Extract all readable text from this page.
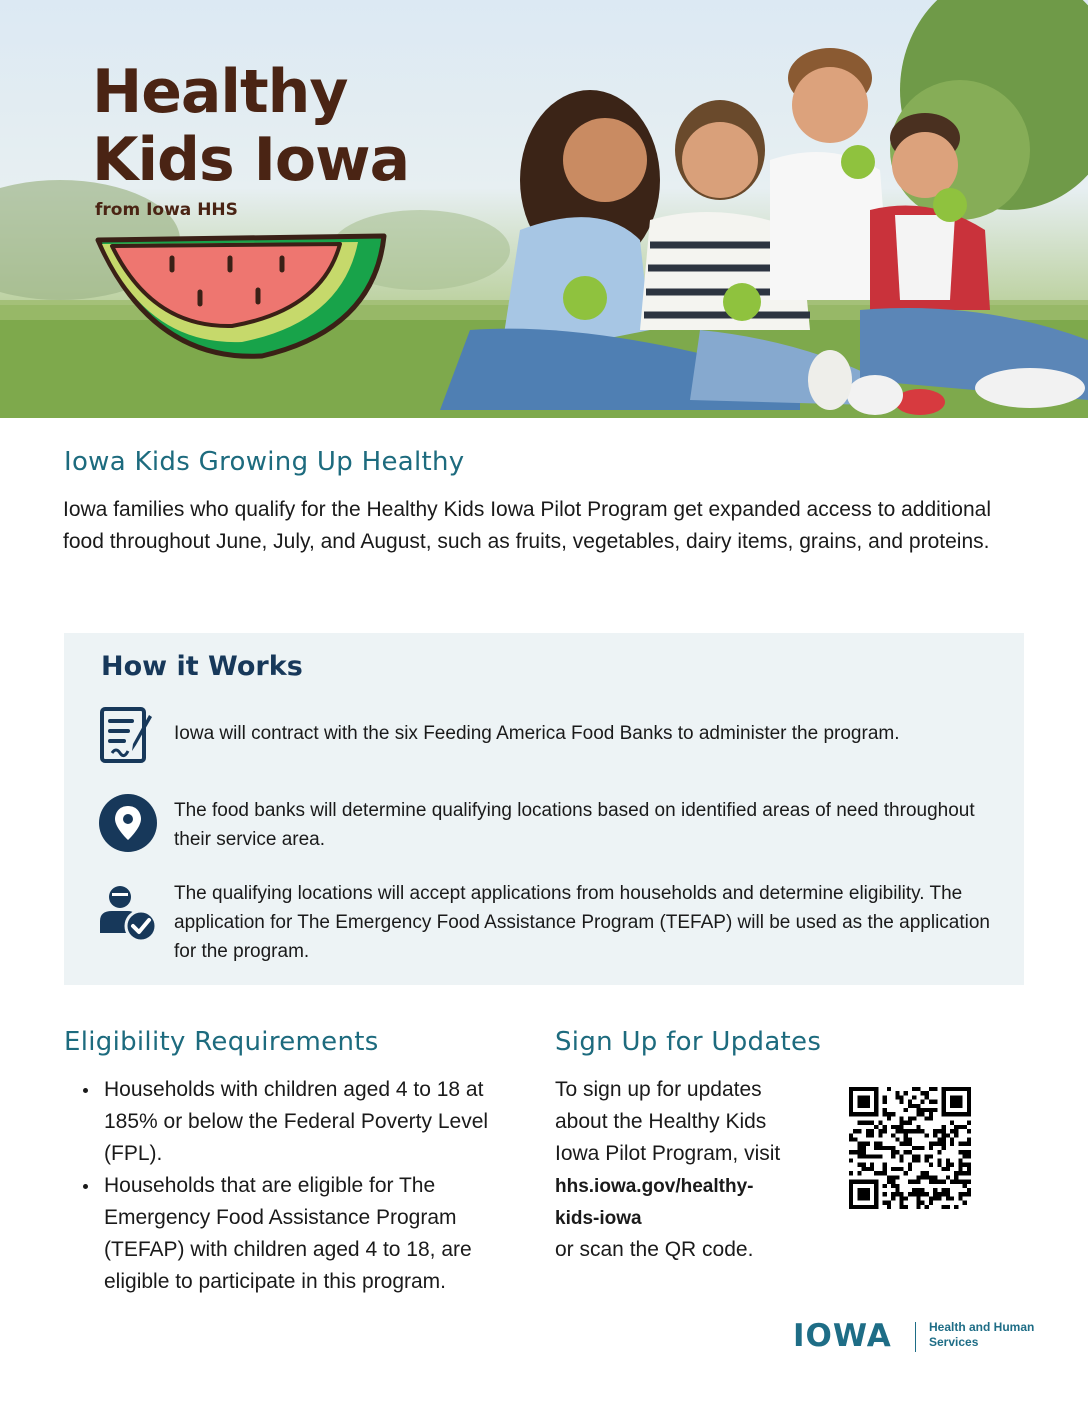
Healthy
Kids Iowa
from Iowa HHS
Iowa Kids Growing Up Healthy

Iowa families who qualify for the Healthy Kids Iowa Pilot Program get expanded access to additional food throughout June, July, and August, such as fruits, vegetables, dairy items, grains, and proteins.

How it Works

Iowa will contract with the six Feeding America Food Banks to administer the program.

The food banks will determine qualifying locations based on identified areas of need throughout their service area.

The qualifying locations will accept applications from households and determine eligibility. The application for The Emergency Food Assistance Program (TEFAP) will be used as the application for the program.

Eligibility Requirements
Households with children aged 4 to 18 at 185% or below the Federal Poverty Level (FPL).
Households that are eligible for The Emergency Food Assistance Program (TEFAP) with children aged 4 to 18, are eligible to participate in this program.
Sign Up for Updates

To sign up for updates about the Healthy Kids Iowa Pilot Program, visit

hhs.iowa.gov/healthy-kids-iowa
or scan the QR code.
IOWA	Health and Human Services
